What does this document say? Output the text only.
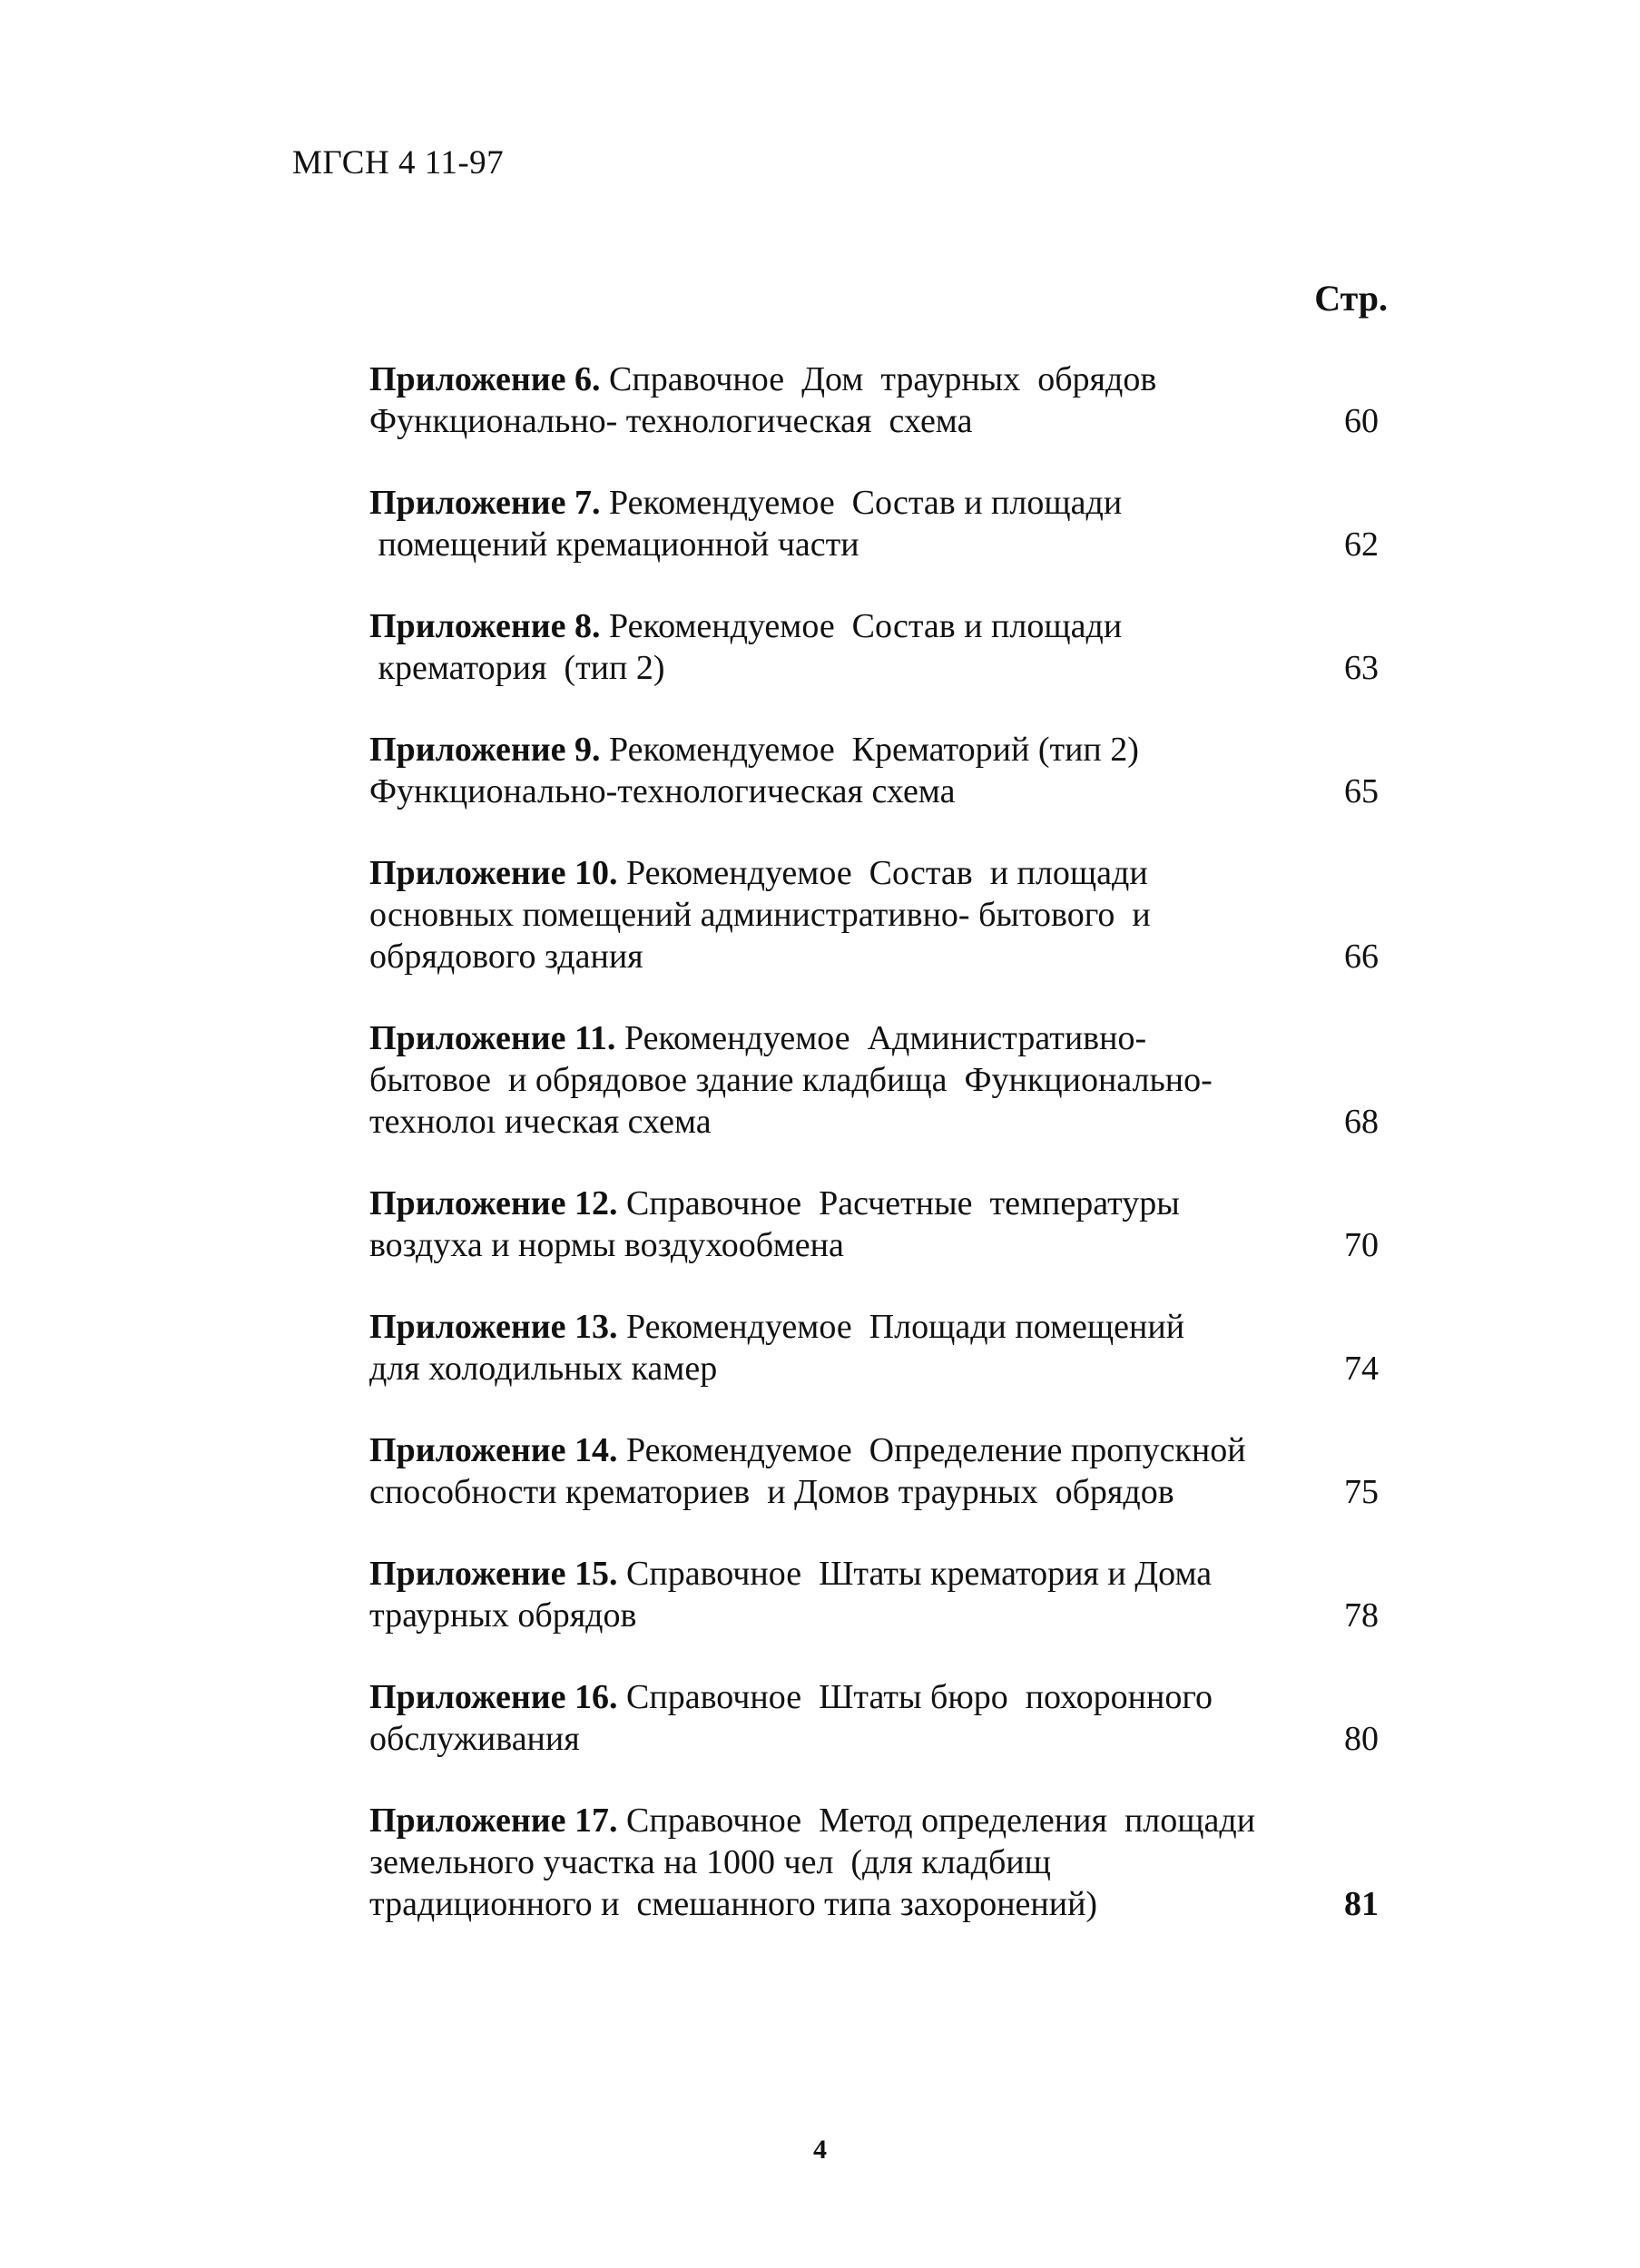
МГСН 4 11-97
Стр.
Приложение 6. Справочное  Дом  траурных  обрядов
Функционально- технологическая  схема	60
Приложение 7. Рекомендуемое  Состав и площади
помещений кремационной части	62
Приложение 8. Рекомендуемое  Состав и площади
крематория  (тип 2)	63
Приложение 9. Рекомендуемое  Крематорий (тип 2)
Функционально-технологическая схема	65
Приложение 10. Рекомендуемое  Состав  и площади
основных помещений административно- бытового  и
обрядового здания	66
Приложение 11. Рекомендуемое  Административно-
бытовое  и обрядовое здание кладбища  Функционально-
технолоı ическая схема	68
Приложение 12. Справочное  Расчетные  температуры
воздуха и нормы воздухообмена	70
Приложение 13. Рекомендуемое  Площади помещений
для холодильных камер	74
Приложение 14. Рекомендуемое  Определение пропускной
способности крематориев  и Домов траурных  обрядов	75
Приложение 15. Справочное  Штаты крематория и Дома
траурных обрядов	78
Приложение 16. Справочное  Штаты бюро  похоронного
обслуживания	80
Приложение 17. Справочное  Метод определения  площади
земельного участка на 1000 чел  (для кладбищ
традиционного и  смешанного типа захоронений)	81
4
